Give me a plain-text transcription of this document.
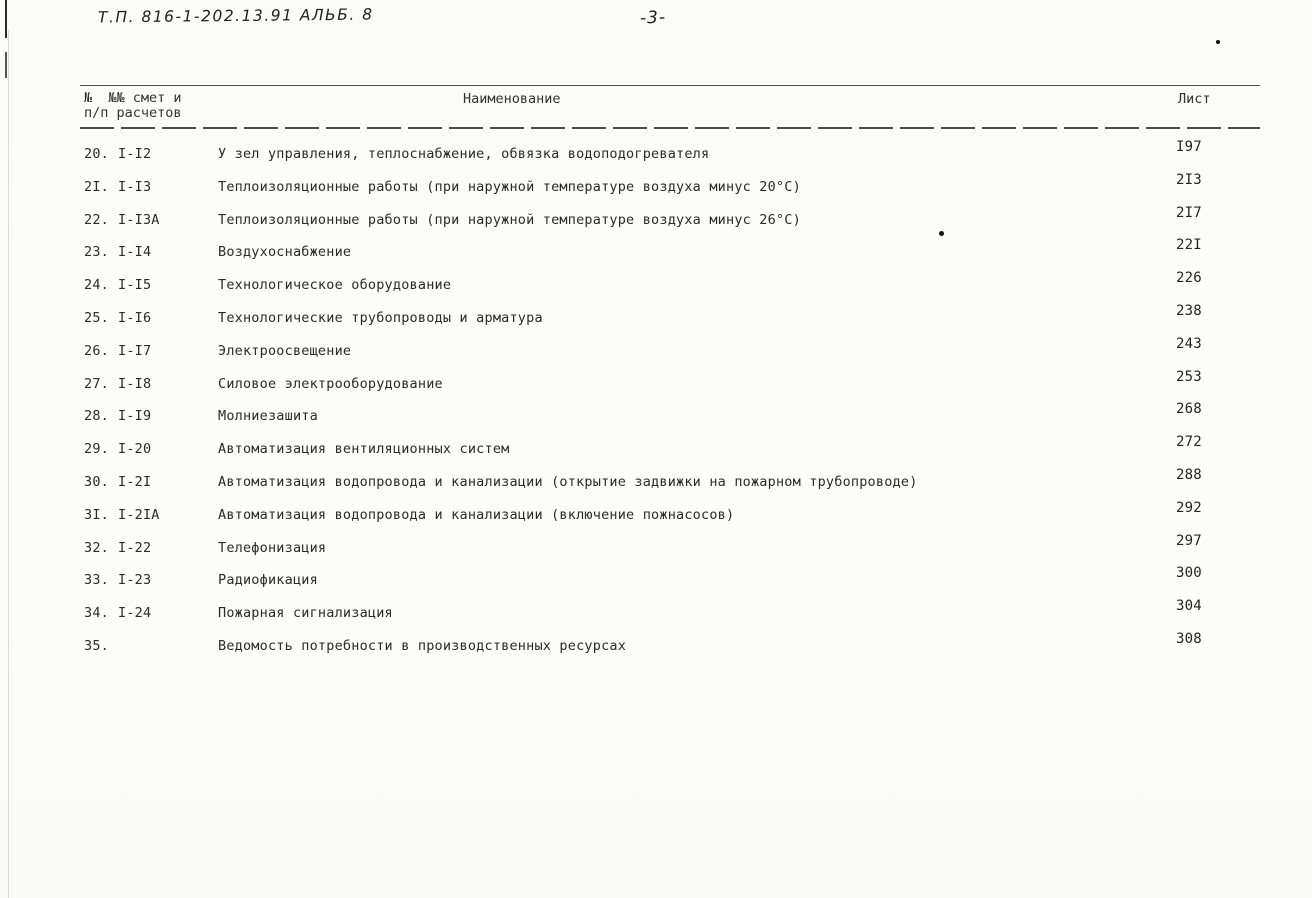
Т.П. 816-1-202.13.91 АЛЬБ. 8	-3-
№  №№ смет и
п/п расчетов
Наименование	Лист
20. I-I2	У зел управления, теплоснабжение, обвязка водоподогревателя	I97
2I. I-I3	Теплоизоляционные работы (при наружной температуре воздуха минус 20°С)	2I3
22. I-I3А	Теплоизоляционные работы (при наружной температуре воздуха минус 26°С)	2I7
23. I-I4	Воздухоснабжение	22I
24. I-I5	Технологическое оборудование	226
25. I-I6	Технологические трубопроводы и арматура	238
26. I-I7	Электроосвещение	243
27. I-I8	Силовое электрооборудование	253
28. I-I9	Молниезашита	268
29. I-20	Автоматизация вентиляционных систем	272
30. I-2I	Автоматизация водопровода и канализации (открытие задвижки на пожарном трубопроводе)	288
3I. I-2IА	Автоматизация водопровода и канализации (включение пожнасосов)	292
32. I-22	Телефонизация	297
33. I-23	Радиофикация	300
34. I-24	Пожарная сигнализация	304
35.	Ведомость потребности в производственных ресурсах	308
